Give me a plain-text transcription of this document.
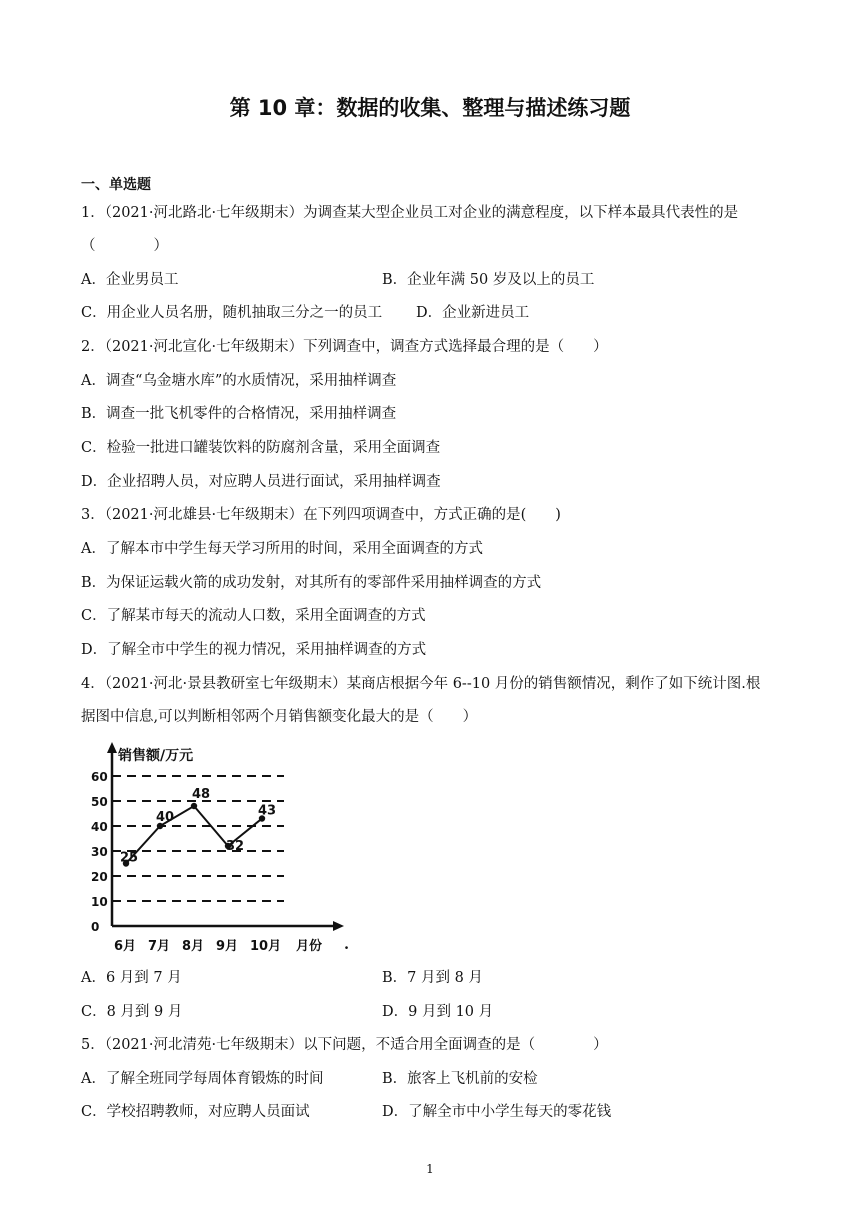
第 10 章：数据的收集、整理与描述练习题
一、单选题
1．（2021·河北路北·七年级期末）为调查某大型企业员工对企业的满意程度，以下样本最具代表性的是
（　　　　）
A．企业男员工	B．企业年满 50 岁及以上的员工
C．用企业人员名册，随机抽取三分之一的员工 D．企业新进员工
2．（2021·河北宣化·七年级期末）下列调查中，调查方式选择最合理的是（　　）
A．调查“乌金塘水库”的水质情况，采用抽样调查
B．调查一批飞机零件的合格情况，采用抽样调查
C．检验一批进口罐装饮料的防腐剂含量，采用全面调查
D．企业招聘人员，对应聘人员进行面试，采用抽样调查
3．（2021·河北雄县·七年级期末）在下列四项调查中，方式正确的是(　　)
A．了解本市中学生每天学习所用的时间，采用全面调查的方式
B．为保证运载火箭的成功发射，对其所有的零部件采用抽样调查的方式
C．了解某市每天的流动人口数，采用全面调查的方式
D．了解全市中学生的视力情况，采用抽样调查的方式
4．（2021·河北·景县教研室七年级期末）某商店根据今年 6--10 月份的销售额情况，剩作了如下统计图.根
据图中信息,可以判断相邻两个月销售额变化最大的是（　　）
销售额/万元
月份
0
10
20
30
40
50
60
6月 7月 8月 9月 10月
25
40
48
32
43
.
A．6 月到 7 月	B．7 月到 8 月
C．8 月到 9 月	D．9 月到 10 月
5．（2021·河北清苑·七年级期末）以下问题，不适合用全面调查的是（　　　　）
A．了解全班同学每周体育锻炼的时间	B．旅客上飞机前的安检
C．学校招聘教师，对应聘人员面试	D．了解全市中小学生每天的零花钱
1
